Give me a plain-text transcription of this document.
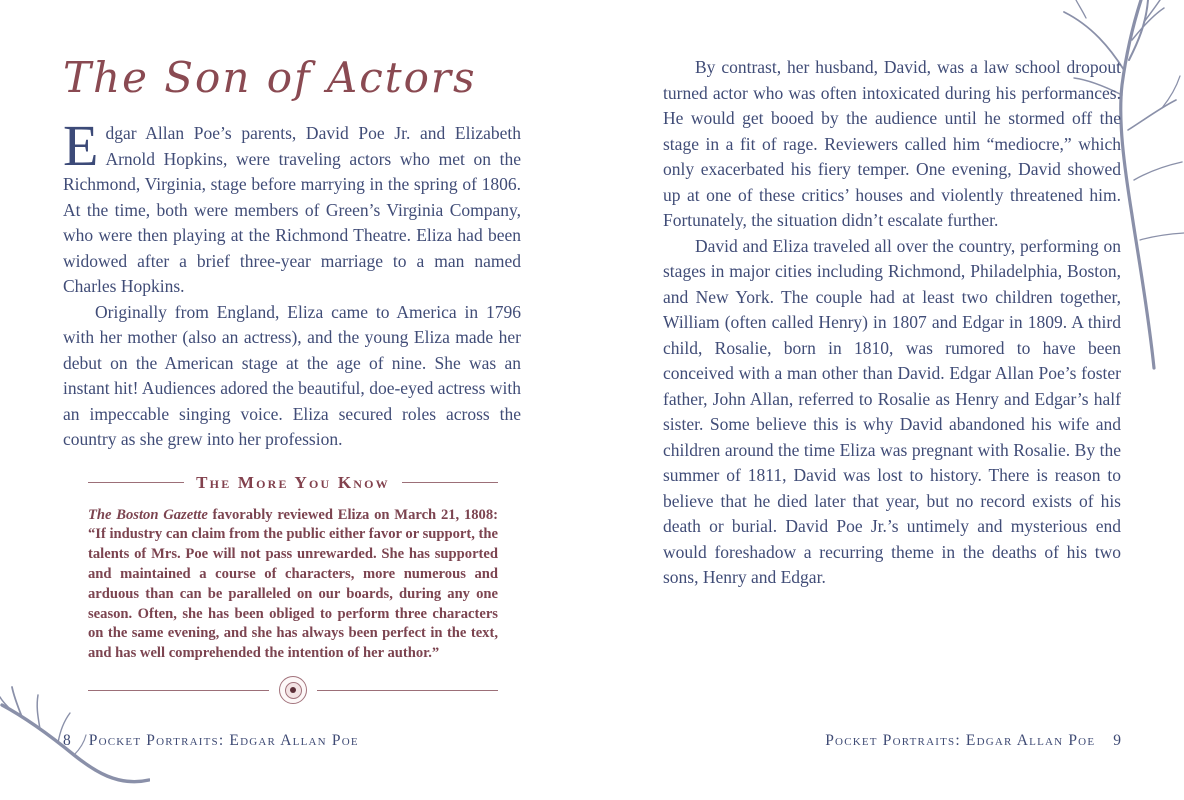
The Son of Actors

Edgar Allan Poe’s parents, David Poe Jr. and Elizabeth Arnold Hopkins, were traveling actors who met on the Richmond, Virginia, stage before marrying in the spring of 1806. At the time, both were members of Green’s Virginia Company, who were then playing at the Richmond Theatre. Eliza had been widowed after a brief three-year marriage to a man named Charles Hopkins.

Originally from England, Eliza came to America in 1796 with her mother (also an actress), and the young Eliza made her debut on the American stage at the age of nine. She was an instant hit! Audiences adored the beautiful, doe-eyed actress with an impeccable singing voice. Eliza secured roles across the country as she grew into her profession.

The More You Know

The Boston Gazette favorably reviewed Eliza on March 21, 1808: “If industry can claim from the public either favor or support, the talents of Mrs. Poe will not pass unrewarded. She has supported and maintained a course of characters, more numerous and arduous than can be paralleled on our boards, during any one season. Often, she has been obliged to perform three characters on the same evening, and she has always been perfect in the text, and has well comprehended the intention of her author.”

8 Pocket Portraits: Edgar Allan Poe

By contrast, her husband, David, was a law school dropout turned actor who was often intoxicated during his performances. He would get booed by the audience until he stormed off the stage in a fit of rage. Reviewers called him “mediocre,” which only exacerbated his fiery temper. One evening, David showed up at one of these critics’ houses and violently threatened him. Fortunately, the situation didn’t escalate further.

David and Eliza traveled all over the country, performing on stages in major cities including Richmond, Philadelphia, Boston, and New York. The couple had at least two children together, William (often called Henry) in 1807 and Edgar in 1809. A third child, Rosalie, born in 1810, was rumored to have been conceived with a man other than David. Edgar Allan Poe’s foster father, John Allan, referred to Rosalie as Henry and Edgar’s half sister. Some believe this is why David abandoned his wife and children around the time Eliza was pregnant with Rosalie. By the summer of 1811, David was lost to history. There is reason to believe that he died later that year, but no record exists of his death or burial. David Poe Jr.’s untimely and mysterious end would foreshadow a recurring theme in the deaths of his two sons, Henry and Edgar.

Pocket Portraits: Edgar Allan Poe 9
